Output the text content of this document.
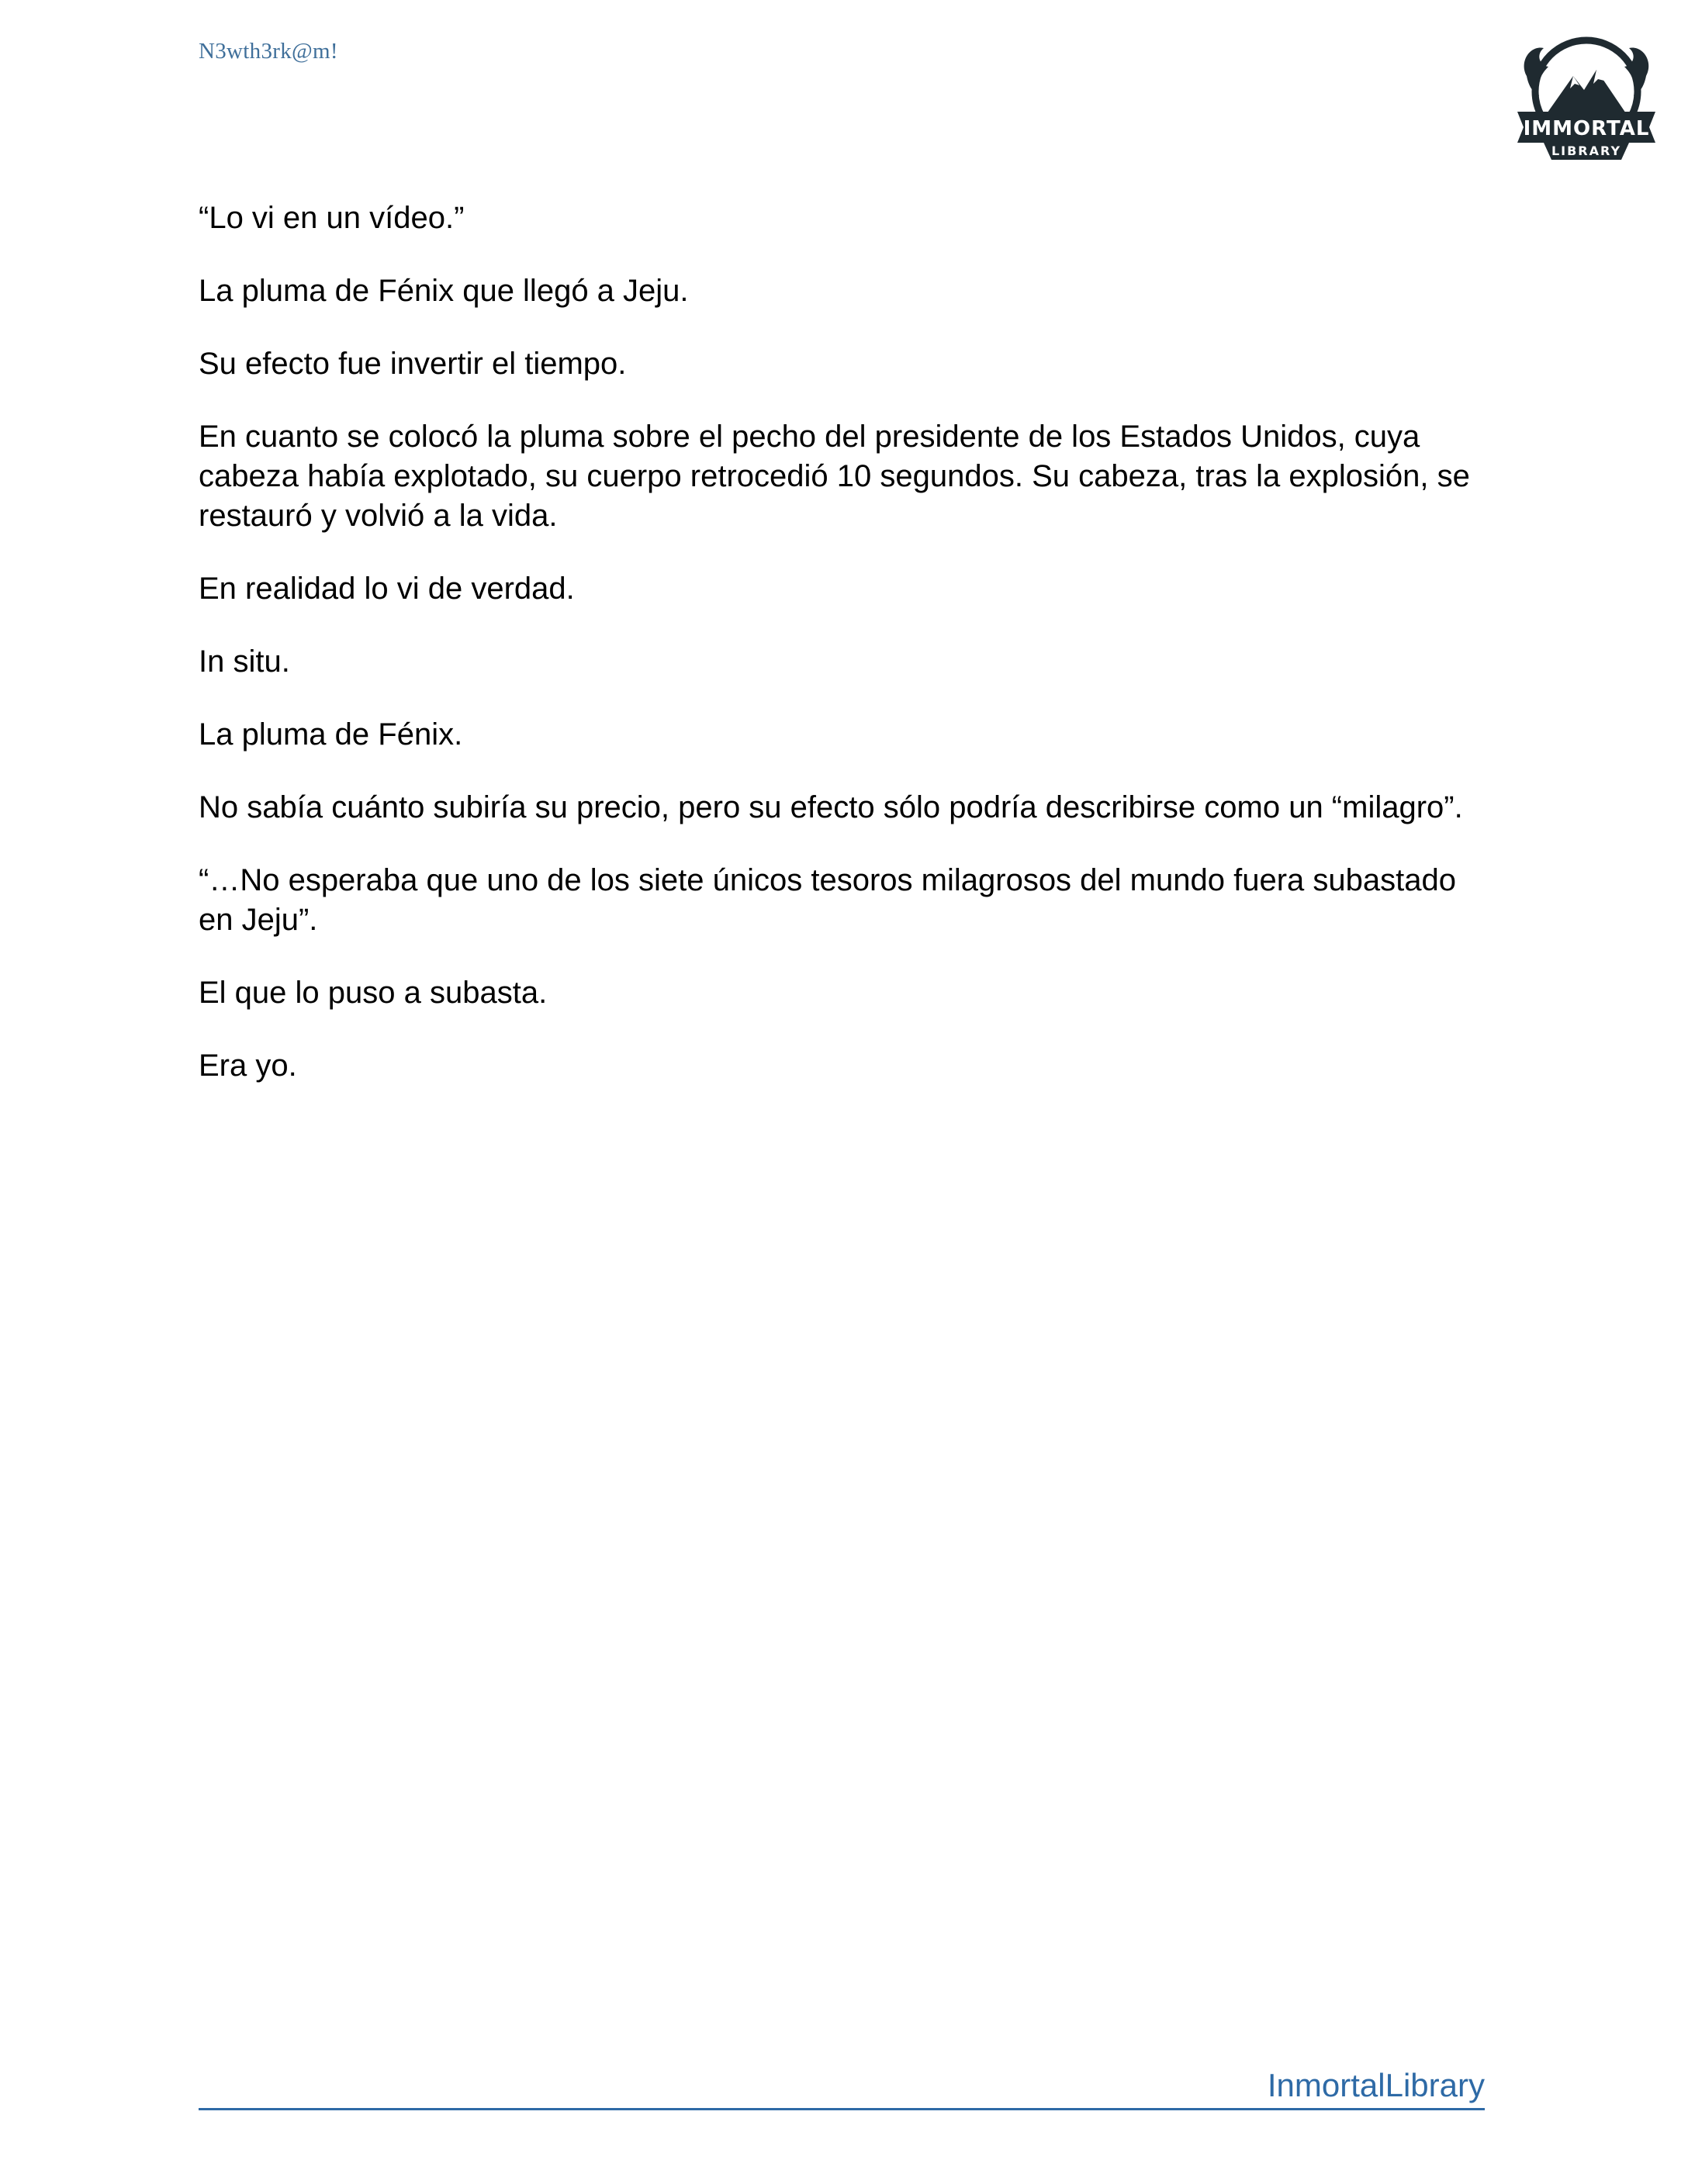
N3wth3rk@m!
IMMORTAL
LIBRARY

“Lo vi en un vídeo.”

La pluma de Fénix que llegó a Jeju.

Su efecto fue invertir el tiempo.

En cuanto se colocó la pluma sobre el pecho del presidente de los Estados Unidos, cuya cabeza había explotado, su cuerpo retrocedió 10 segundos. Su cabeza, tras la explosión, se restauró y volvió a la vida.

En realidad lo vi de verdad.

In situ.

La pluma de Fénix.

No sabía cuánto subiría su precio, pero su efecto sólo podría describirse como un “milagro”.

“…No esperaba que uno de los siete únicos tesoros milagrosos del mundo fuera subastado en Jeju”.

El que lo puso a subasta.

Era yo.

InmortalLibrary
